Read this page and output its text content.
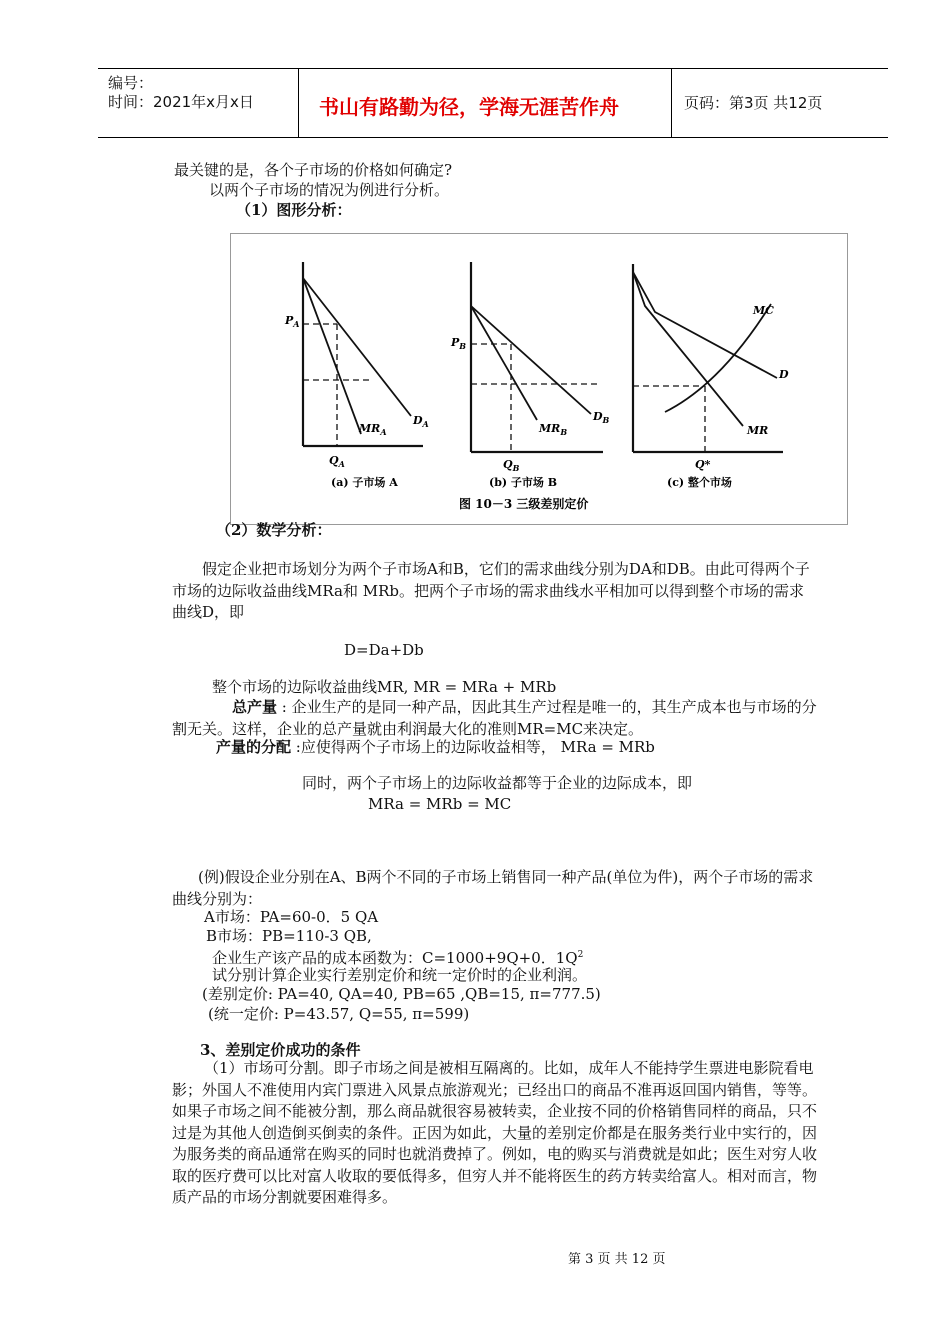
编号：
时间：2021年x月x日	书山有路勤为径，学海无涯苦作舟	页码：第3页 共12页
最关键的是，各个子市场的价格如何确定?
以两个子市场的情况为例进行分析。
（1）图形分析：
$P_A$
$MR_A$
$D_A$
$Q_A$
(a) 子市场 A
$P_B$
$MR_B$
$D_B$
$Q_B$
(b) 子市场 B
MC
D
MR
Q*
(c) 整个市场
图 10－3 三级差别定价
（2）数学分析：
假定企业把市场划分为两个子市场A和B，它们的需求曲线分别为DA和DB。由此可得两个子市场的边际收益曲线MRa和 MRb。把两个子市场的需求曲线水平相加可以得到整个市场的需求曲线D，即
D=Da+Db
整个市场的边际收益曲线MR, MR = MRa + MRb
总产量 : 企业生产的是同一种产品，因此其生产过程是唯一的，其生产成本也与市场的分割无关。这样，企业的总产量就由利润最大化的准则MR=MC来决定。
产量的分配 :应使得两个子市场上的边际收益相等， MRa = MRb
同时，两个子市场上的边际收益都等于企业的边际成本，即
MRa = MRb = MC
(例)假设企业分别在A、B两个不同的子市场上销售同一种产品(单位为件)，两个子市场的需求曲线分别为：
A市场：PA=60-0．5 QA
B市场：PB=110-3 QB,
企业生产该产品的成本函数为：C=1000+9Q+0．$1Q^2$
试分别计算企业实行差别定价和统一定价时的企业利润。
(差别定价: PA=40, QA=40, PB=65 ,QB=15, π=777.5)
(统一定价: P=43.57, Q=55, π=599)
3、差别定价成功的条件
（1）市场可分割。即子市场之间是被相互隔离的。比如，成年人不能持学生票进电影院看电影；外国人不准使用内宾门票进入风景点旅游观光；已经出口的商品不准再返回国内销售，等等。如果子市场之间不能被分割，那么商品就很容易被转卖，企业按不同的价格销售同样的商品，只不过是为其他人创造倒买倒卖的条件。正因为如此，大量的差别定价都是在服务类行业中实行的，因为服务类的商品通常在购买的同时也就消费掉了。例如，电的购买与消费就是如此；医生对穷人收取的医疗费可以比对富人收取的要低得多，但穷人并不能将医生的药方转卖给富人。相对而言，物质产品的市场分割就要困难得多。
第 3 页 共 12 页
